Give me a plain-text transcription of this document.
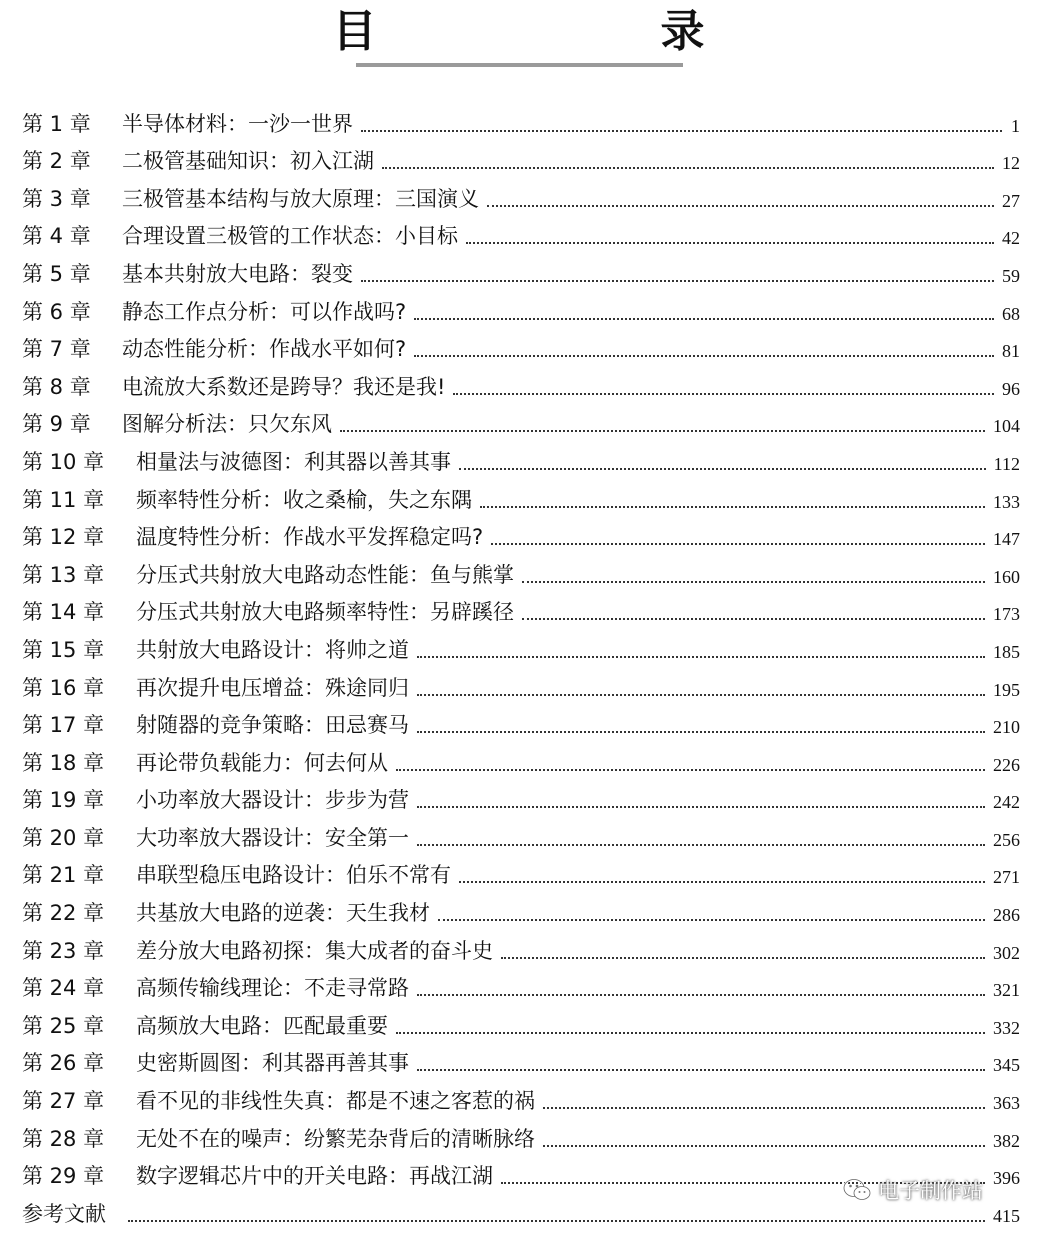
目　录
第 1 章	半导体材料：一沙一世界	1
第 2 章	二极管基础知识：初入江湖	12
第 3 章	三极管基本结构与放大原理：三国演义	27
第 4 章	合理设置三极管的工作状态：小目标	42
第 5 章	基本共射放大电路：裂变	59
第 6 章	静态工作点分析：可以作战吗?	68
第 7 章	动态性能分析：作战水平如何?	81
第 8 章	电流放大系数还是跨导？我还是我!	96
第 9 章	图解分析法：只欠东风	104
第 10 章	相量法与波德图：利其器以善其事	112
第 11 章	频率特性分析：收之桑榆，失之东隅	133
第 12 章	温度特性分析：作战水平发挥稳定吗?	147
第 13 章	分压式共射放大电路动态性能：鱼与熊掌	160
第 14 章	分压式共射放大电路频率特性：另辟蹊径	173
第 15 章	共射放大电路设计：将帅之道	185
第 16 章	再次提升电压增益：殊途同归	195
第 17 章	射随器的竞争策略：田忌赛马	210
第 18 章	再论带负载能力：何去何从	226
第 19 章	小功率放大器设计：步步为营	242
第 20 章	大功率放大器设计：安全第一	256
第 21 章	串联型稳压电路设计：伯乐不常有	271
第 22 章	共基放大电路的逆袭：天生我材	286
第 23 章	差分放大电路初探：集大成者的奋斗史	302
第 24 章	高频传输线理论：不走寻常路	321
第 25 章	高频放大电路：匹配最重要	332
第 26 章	史密斯圆图：利其器再善其事	345
第 27 章	看不见的非线性失真：都是不速之客惹的祸	363
第 28 章	无处不在的噪声：纷繁芜杂背后的清晰脉络	382
第 29 章	数字逻辑芯片中的开关电路：再战江湖	396
参考文献	415
电子制作站
